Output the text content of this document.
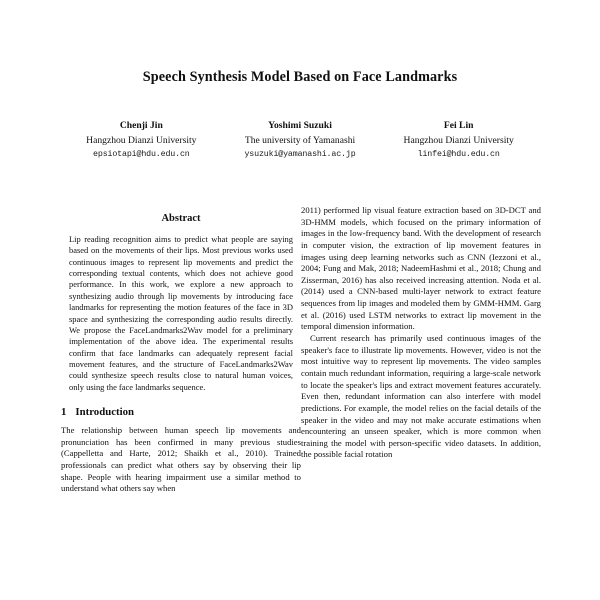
Speech Synthesis Model Based on Face Landmarks
Chenji Jin
Hangzhou Dianzi University
epsiotapi@hdu.edu.cn
Yoshimi Suzuki
The university of Yamanashi
ysuzuki@yamanashi.ac.jp
Fei Lin
Hangzhou Dianzi University
linfei@hdu.edu.cn
Abstract

Lip reading recognition aims to predict what people are saying based on the movements of their lips. Most previous works used continuous images to represent lip movements and predict the corresponding textual contents, which does not achieve good performance. In this work, we explore a new approach to synthesizing audio through lip movements by introducing face landmarks for representing the motion features of the face in 3D space and synthesizing the corresponding audio results directly. We propose the FaceLandmarks2Wav model for a preliminary implementation of the above idea. The experimental results confirm that face landmarks can adequately represent facial movement features, and the structure of FaceLandmarks2Wav could synthesize speech results close to natural human voices, only using the face landmarks sequence.

1 Introduction

The relationship between human speech lip movements and pronunciation has been confirmed in many previous studies (Cappelletta and Harte, 2012; Shaikh et al., 2010). Trained professionals can predict what others say by observing their lip shape. People with hearing impairment use a similar method to understand what others say when

2011) performed lip visual feature extraction based on 3D-DCT and 3D-HMM models, which focused on the primary information of images in the low-frequency band. With the development of research in computer vision, the extraction of lip movement features in images using deep learning networks such as CNN (Iezzoni et al., 2004; Fung and Mak, 2018; NadeemHashmi et al., 2018; Chung and Zisserman, 2016) has also received increasing attention. Noda et al. (2014) used a CNN-based multi-layer network to extract feature sequences from lip images and modeled them by GMM-HMM. Garg et al. (2016) used LSTM networks to extract lip movement in the temporal dimension information.

Current research has primarily used continuous images of the speaker's face to illustrate lip movements. However, video is not the most intuitive way to represent lip movements. The video samples contain much redundant information, requiring a large-scale network to locate the speaker's lips and extract movement features accurately. Even then, redundant information can also interfere with model predictions. For example, the model relies on the facial details of the speaker in the video and may not make accurate estimations when encountering an unseen speaker, which is more common when training the model with person-specific video datasets. In addition, the possible facial rotation
